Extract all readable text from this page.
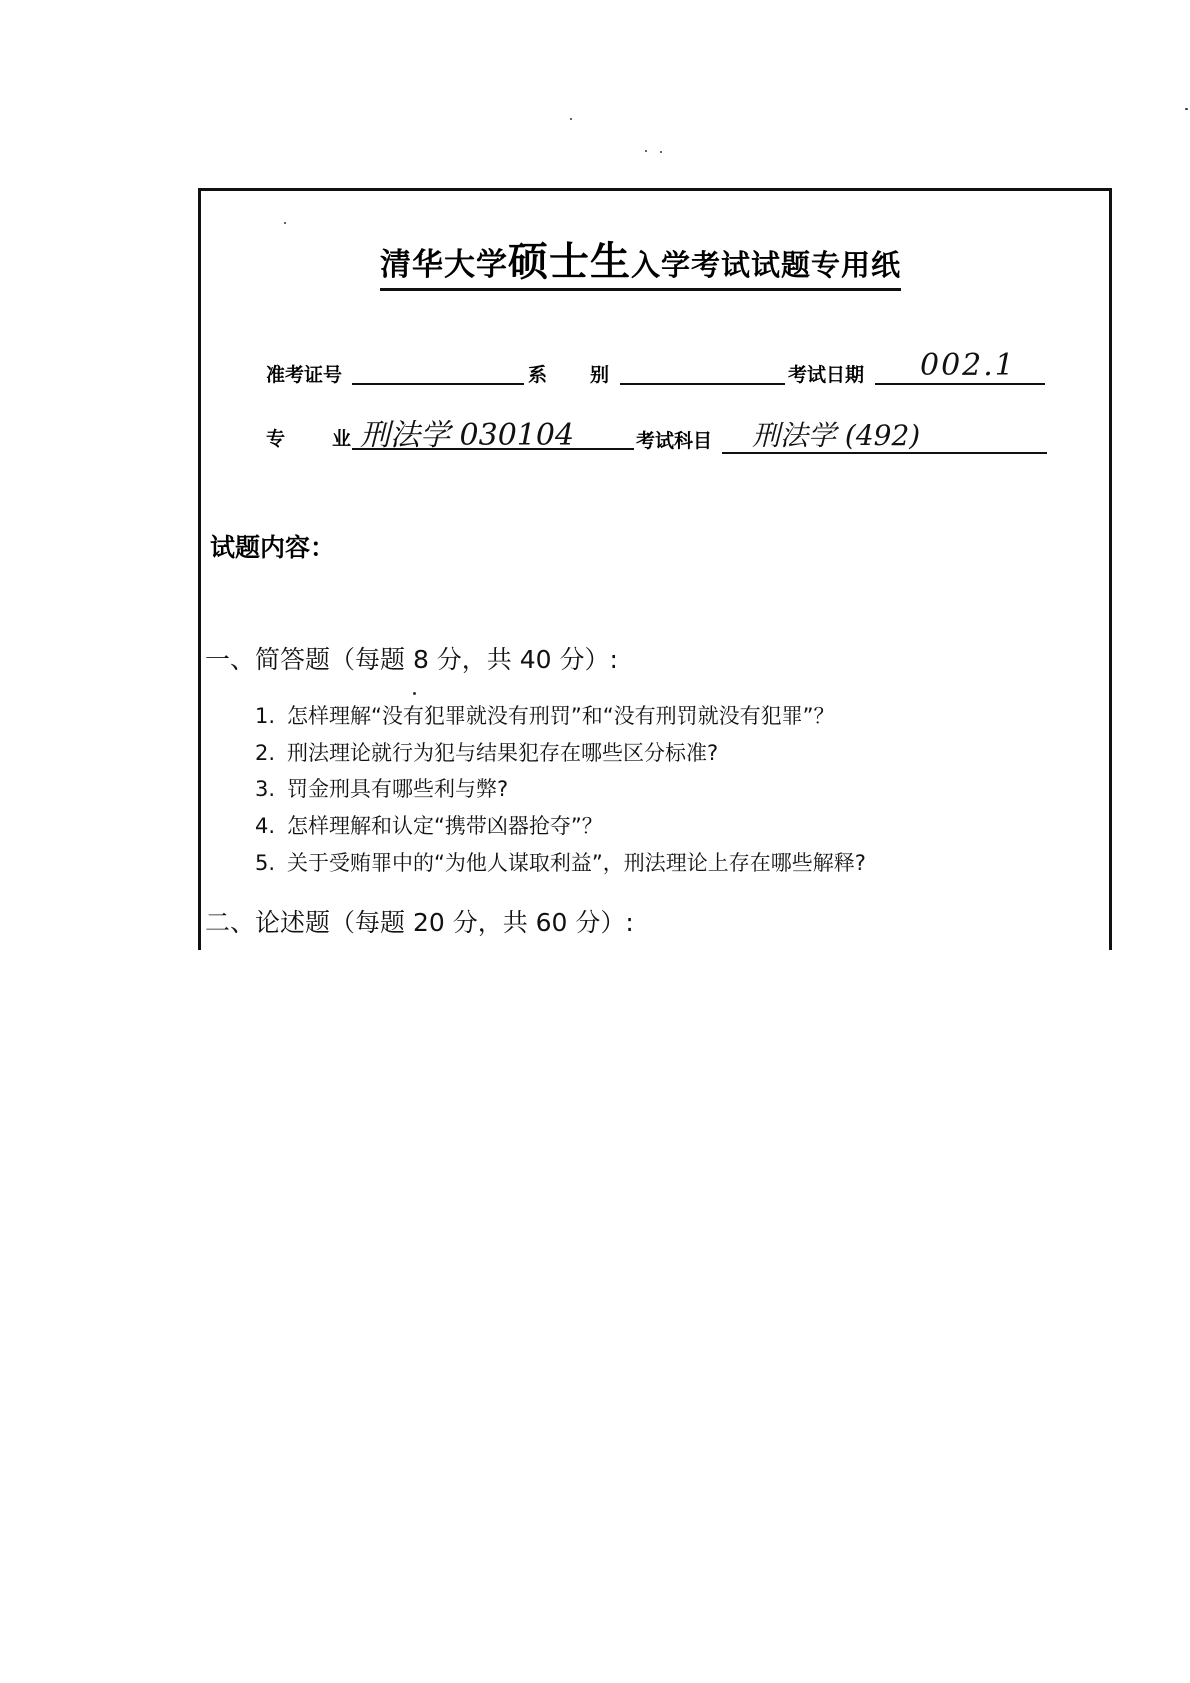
清华大学硕士生入学考试试题专用纸
准考证号	系 别	考试日期 002.1
专 业 刑法学 030104	考试科目 刑法学 (492)
试题内容：
一、简答题（每题 8 分，共 40 分）:
1. 怎样理解“没有犯罪就没有刑罚”和“没有刑罚就没有犯罪”？
2. 刑法理论就行为犯与结果犯存在哪些区分标准?
3. 罚金刑具有哪些利与弊?
4. 怎样理解和认定“携带凶器抢夺”？
5. 关于受贿罪中的“为他人谋取利益”，刑法理论上存在哪些解释?
二、论述题（每题 20 分，共 60 分）:
